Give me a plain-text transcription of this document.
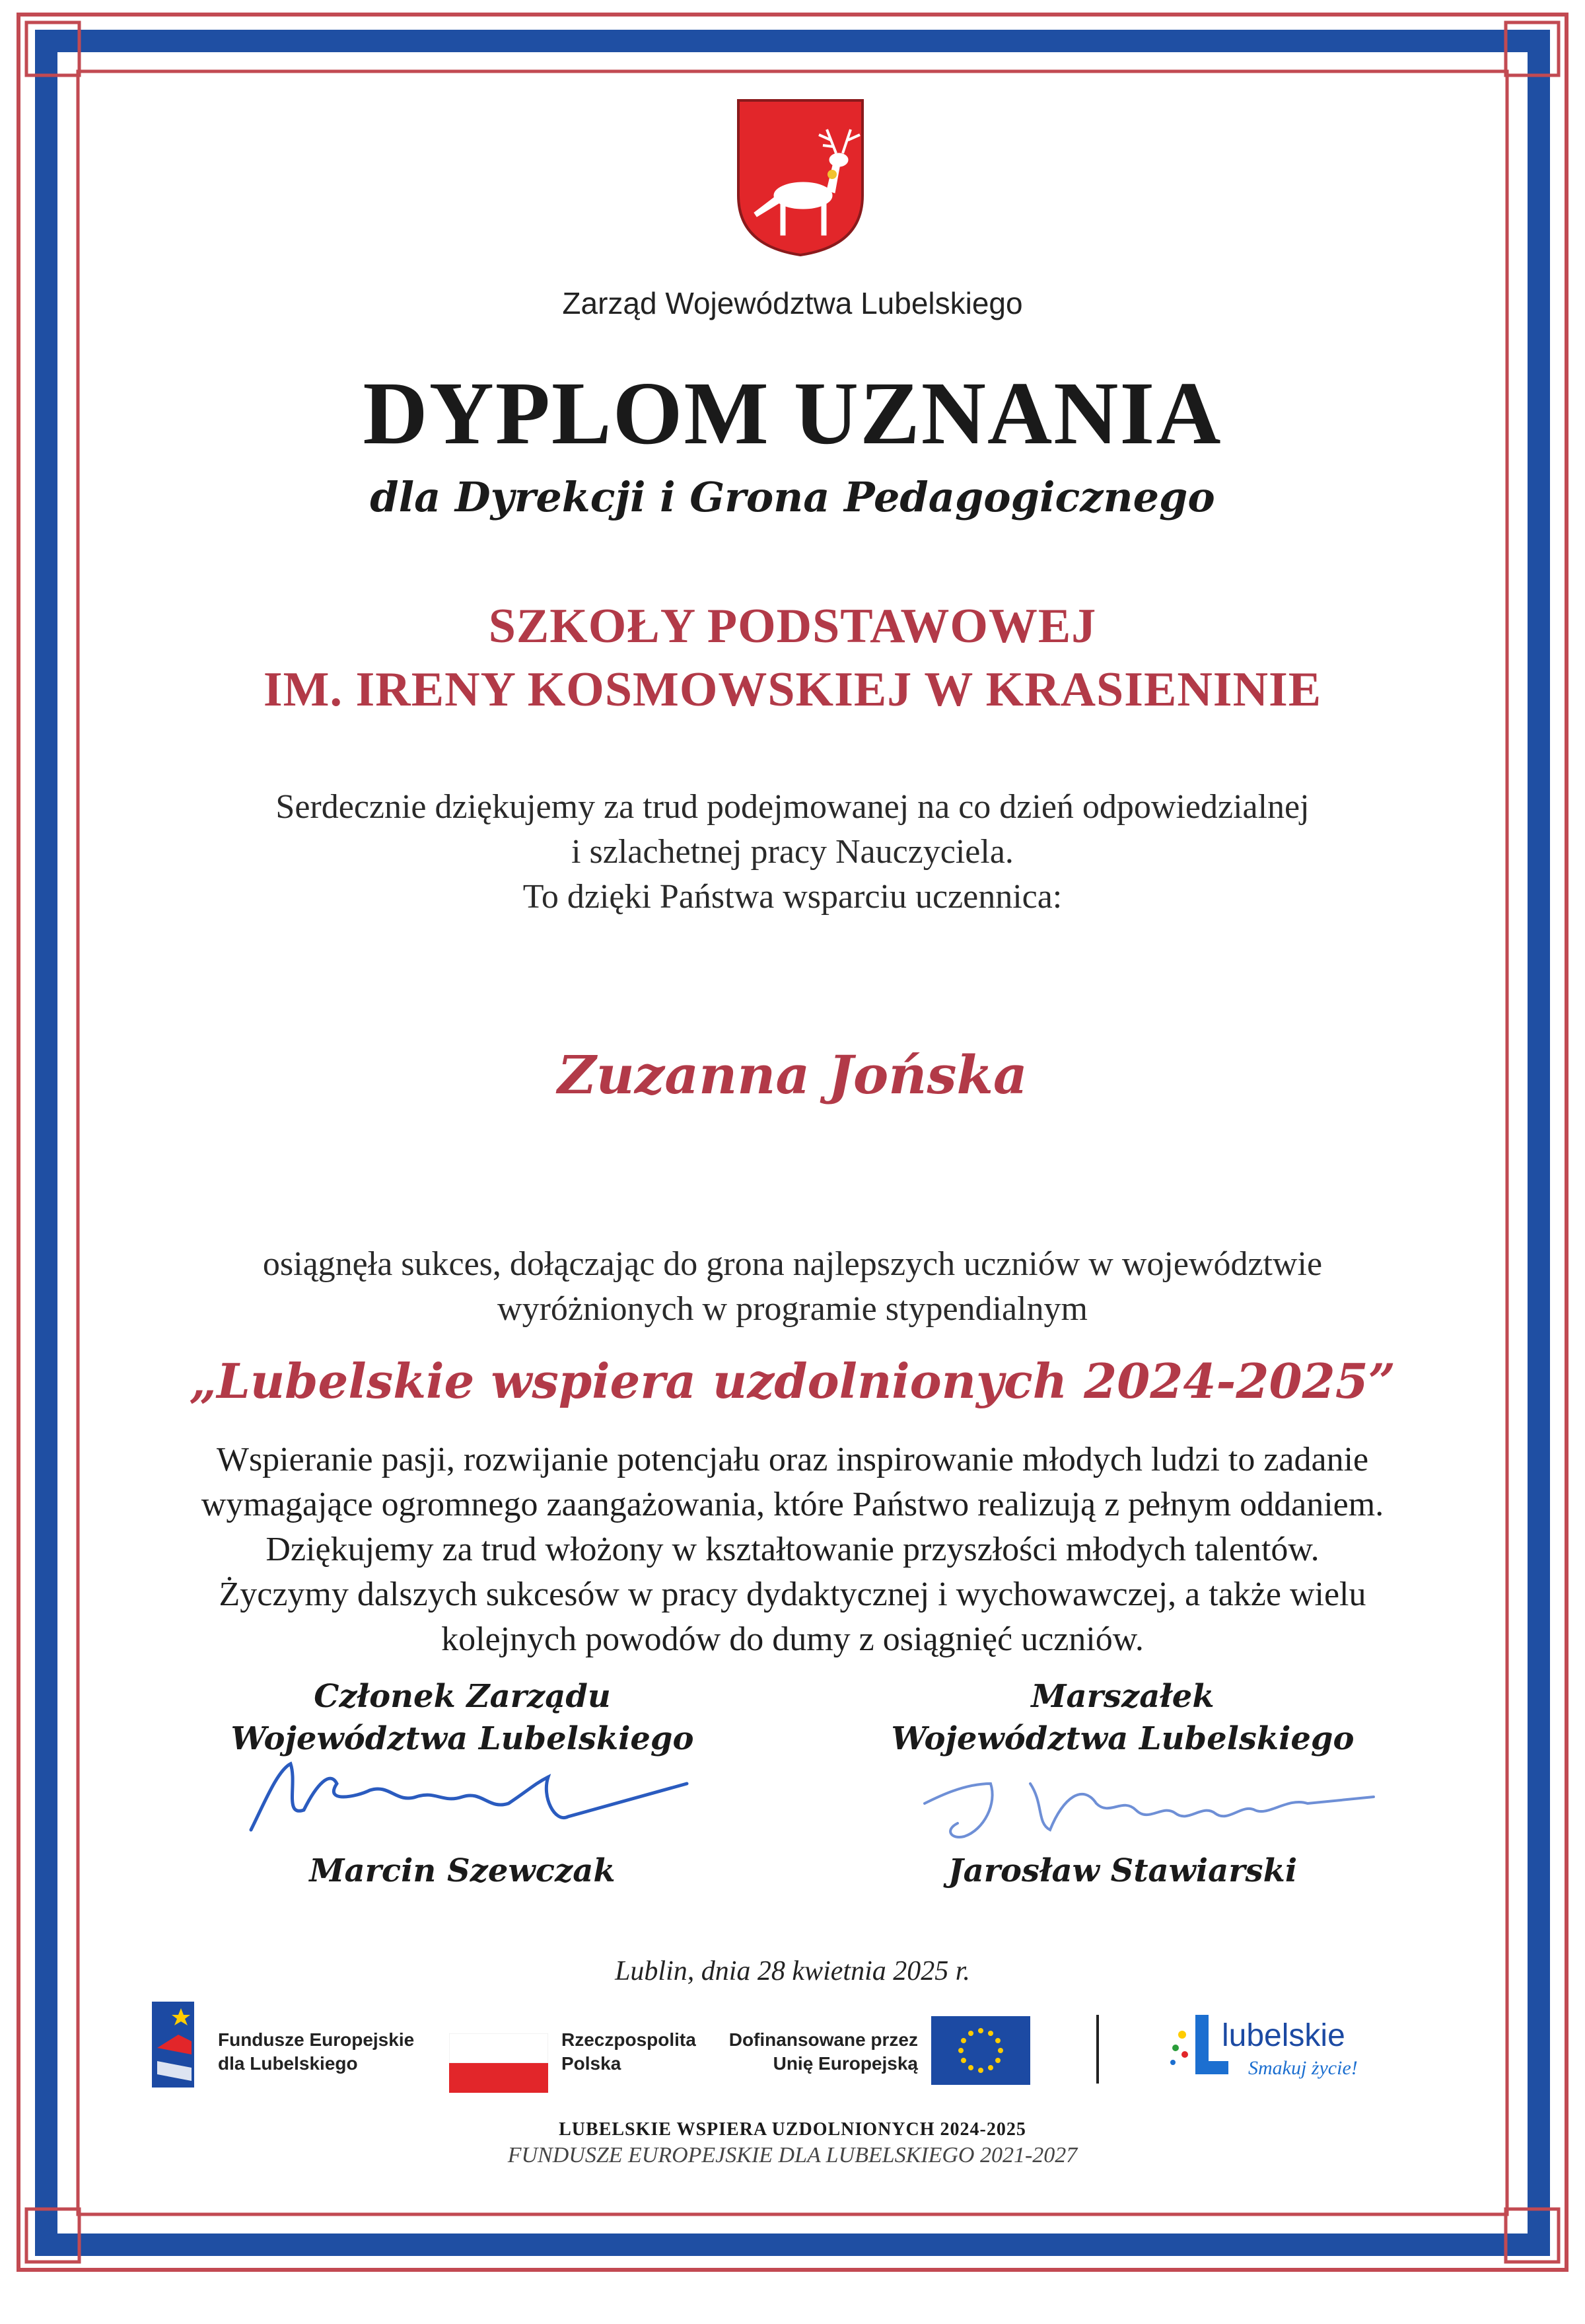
Zarząd Województwa Lubelskiego

DYPLOM UZNANIA

dla Dyrekcji i Grona Pedagogicznego

SZKOŁY PODSTAWOWEJ
IM. IRENY KOSMOWSKIEJ W KRASIENINIE
Serdecznie dziękujemy za trud podejmowanej na co dzień odpowiedzialnej
i szlachetnej pracy Nauczyciela.
To dzięki Państwa wsparciu uczennica:

Zuzanna Jońska

osiągnęła sukces, dołączając do grona najlepszych uczniów w województwie
wyróżnionych w programie stypendialnym

„Lubelskie wspiera uzdolnionych 2024-2025”

Wspieranie pasji, rozwijanie potencjału oraz inspirowanie młodych ludzi to zadanie
wymagające ogromnego zaangażowania, które Państwo realizują z pełnym oddaniem.
Dziękujemy za trud włożony w kształtowanie przyszłości młodych talentów.
Życzymy dalszych sukcesów w pracy dydaktycznej i wychowawczej, a także wielu
kolejnych powodów do dumy z osiągnięć uczniów.
Członek Zarządu
Województwa Lubelskiego

Marcin Szewczak

Marszałek
Województwa Lubelskiego

Jarosław Stawiarski

Lublin, dnia 28 kwietnia 2025 r.

Fundusze Europejskie
dla Lubelskiego
Rzeczpospolita
Polska
Dofinansowane przez
Unię Europejską
lubelskie
Smakuj życie!

LUBELSKIE WSPIERA UZDOLNIONYCH 2024-2025

FUNDUSZE EUROPEJSKIE DLA LUBELSKIEGO 2021-2027
